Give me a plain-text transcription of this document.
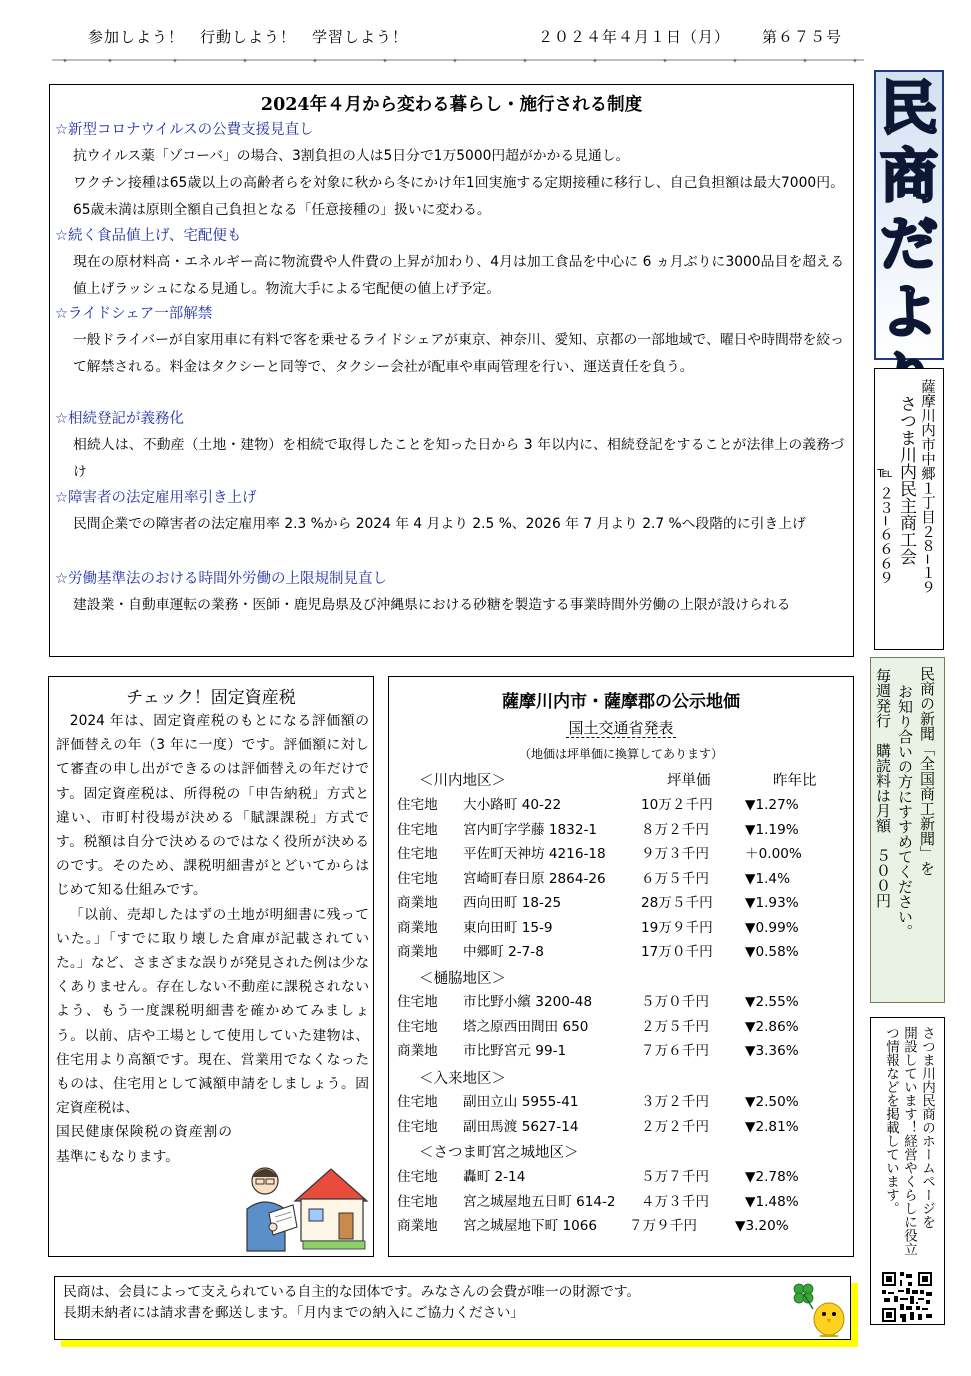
参加しよう！　行動しよう！　学習しよう！	２０２４年４月１日（月） 第６７５号
✦	✦	✦	✦	✦	✦	✦	✦	✦	✦	✦	✦	✦
民
商
だ
よ
薩摩川内市中郷１丁目２８−１９
さつま川内民主商工会
℡ ２３−６６６９
民商の新聞「全国商工新聞」を
お知り合いの方にすすめてください。
毎週発行　購読料は月額　５００円
さつま川内民商のホームページを
開設しています！経営やくらしに役立
つ情報などを掲載しています。
2024年４月から変わる暮らし・施行される制度
☆新型コロナウイルスの公費支援見直し
抗ウイルス薬「ゾコーバ」の場合、3割負担の人は5日分で1万5000円超がかかる見通し。
ワクチン接種は65歳以上の高齢者らを対象に秋から冬にかけ年1回実施する定期接種に移行し、自己負担額は最大7000円。65歳未満は原則全額自己負担となる「任意接種の」扱いに変わる。
☆続く食品値上げ、宅配便も
現在の原材料高・エネルギー高に物流費や人件費の上昇が加わり、4月は加工食品を中心に 6 ヵ月ぶりに3000品目を超える値上げラッシュになる見通し。物流大手による宅配便の値上げ予定。
☆ライドシェア一部解禁
一般ドライバーが自家用車に有料で客を乗せるライドシェアが東京、神奈川、愛知、京都の一部地域で、曜日や時間帯を絞って解禁される。料金はタクシーと同等で、タクシー会社が配車や車両管理を行い、運送責任を負う。
☆相続登記が義務化
相続人は、不動産（土地・建物）を相続で取得したことを知った日から 3 年以内に、相続登記をすることが法律上の義務づけ
☆障害者の法定雇用率引き上げ
民間企業での障害者の法定雇用率 2.3 %から 2024 年 4 月より 2.5 %、2026 年 7 月より 2.7 %へ段階的に引き上げ
☆労働基準法のおける時間外労働の上限規制見直し
建設業・自動車運転の業務・医師・鹿児島県及び沖縄県における砂糖を製造する事業時間外労働の上限が設けられる
チェック！固定資産税

2024 年は、固定資産税のもとになる評価額の評価替えの年（3 年に一度）です。評価額に対して審査の申し出ができるのは評価替えの年だけです。固定資産税は、所得税の「申告納税」方式と違い、市町村役場が決める「賦課課税」方式です。税額は自分で決めるのではなく役所が決めるのです。そのため、課税明細書がとどいてからはじめて知る仕組みです。

「以前、売却したはずの土地が明細書に残っていた。」「すでに取り壊した倉庫が記載されていた。」など、さまざまな誤りが発見された例は少なくありません。存在しない不動産に課税されないよう、もう一度課税明細書を確かめてみましょう。以前、店や工場として使用していた建物は、住宅用より高額です。現在、営業用でなくなったものは、住宅用として減額申請をしましょう。固定資産税は、

国民健康保険税の資産割の基準にもなります。
薩摩川内市・薩摩郡の公示地価
国土交通省発表
（地価は坪単価に換算してあります）
坪単価	昨年比
＜川内地区＞
住宅地 大小路町 40-22	10万２千円 ▼1.27%
住宅地 宮内町字学藤 1832-1	８万２千円	▼1.19%
住宅地 平佐町天神坊 4216-18	９万３千円	＋0.00%
住宅地 宮崎町春日原 2864-26	６万５千円	▼1.4%
商業地 西向田町 18-25	28万５千円 ▼1.93%
商業地 東向田町 15-9	19万９千円 ▼0.99%
商業地 中郷町 2-7-8	17万０千円 ▼0.58%
＜樋脇地区＞
住宅地 市比野小繽 3200-48	５万０千円	▼2.55%
住宅地 塔之原西田間田 650	２万５千円	▼2.86%
商業地 市比野宮元 99-1	７万６千円	▼3.36%
＜入来地区＞
住宅地 副田立山 5955-41	３万２千円	▼2.50%
住宅地 副田馬渡 5627-14	２万２千円	▼2.81%
＜さつま町宮之城地区＞
住宅地 轟町 2-14	５万７千円	▼2.78%
住宅地 宮之城屋地五日町 614-2 ４万３千円	▼1.48%
商業地 宮之城屋地下町 1066 ７万９千円	▼3.20%
民商は、会員によって支えられている自主的な団体です。みなさんの会費が唯一の財源です。
長期未納者には請求書を郵送します。「月内までの納入にご協力ください」
